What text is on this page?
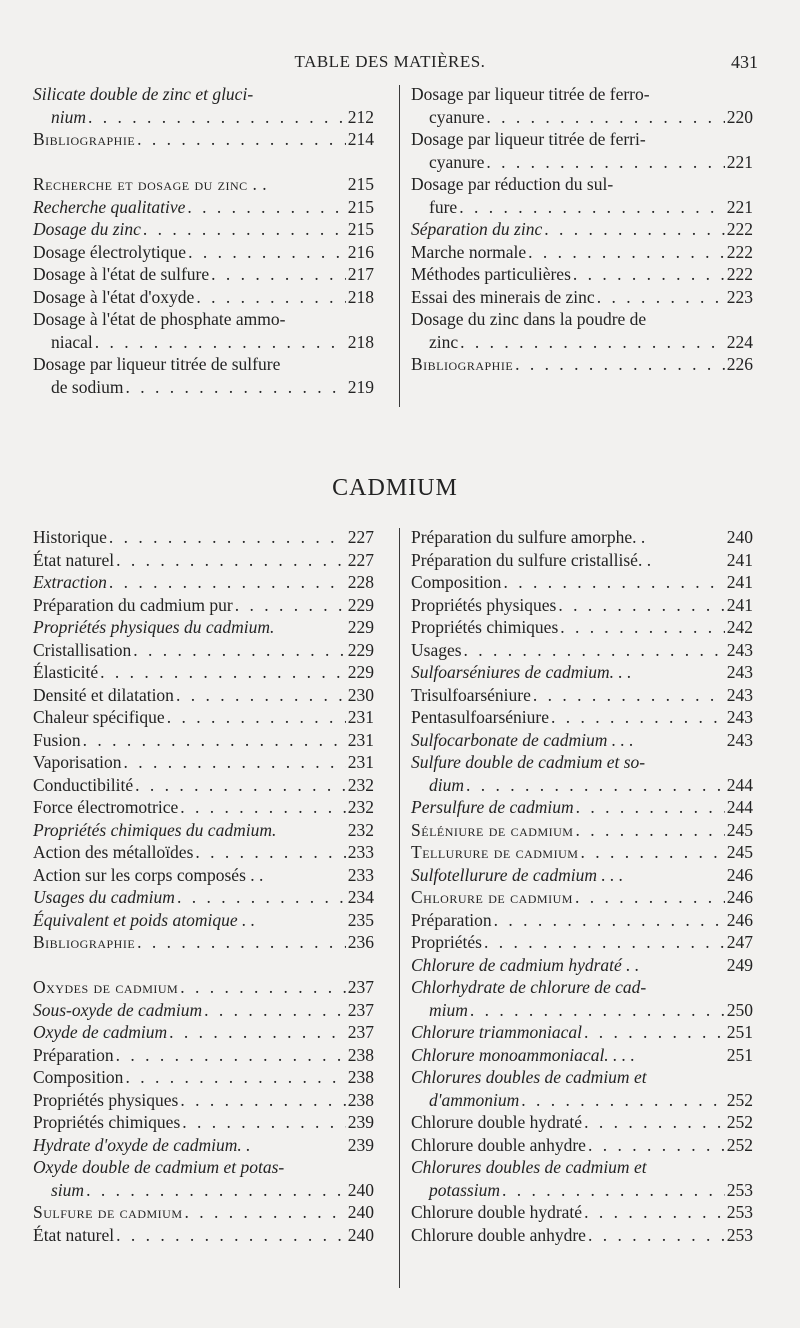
TABLE DES MATIÈRES.	431
CADMIUM
Silicate double de zinc et gluci-
nium . . .	212
Bibliographie . . .	214
Recherche et dosage du zinc . .	215
Recherche qualitative . . .	215
Dosage du zinc . . .	215
Dosage électrolytique . . .	216
Dosage à l'état de sulfure . . .	217
Dosage à l'état d'oxyde . . .	218
Dosage à l'état de phosphate ammo-
niacal . . .	218
Dosage par liqueur titrée de sulfure
de sodium . . .	219
Dosage par liqueur titrée de ferro-
cyanure . . .	220
Dosage par liqueur titrée de ferri-
cyanure . . .	221
Dosage par réduction du sul-
fure . . .	221
Séparation du zinc . . .	222
Marche normale . . .	222
Méthodes particulières . . .	222
Essai des minerais de zinc . . .	223
Dosage du zinc dans la poudre de
zinc . . .	224
Bibliographie . . .	226
Historique . . .	227
État naturel . . .	227
Extraction . . .	228
Préparation du cadmium pur . . .	229
Propriétés physiques du cadmium.	229
Cristallisation . . .	229
Élasticité . . .	229
Densité et dilatation . . .	230
Chaleur spécifique . . .	231
Fusion . . .	231
Vaporisation . . .	231
Conductibilité . . .	232
Force électromotrice . . .	232
Propriétés chimiques du cadmium.	232
Action des métalloïdes . . .	233
Action sur les corps composés . .	233
Usages du cadmium . . .	234
Équivalent et poids atomique . .	235
Bibliographie . . .	236
Oxydes de cadmium . . .	237
Sous-oxyde de cadmium . . .	237
Oxyde de cadmium . . .	237
Préparation . . .	238
Composition . . .	238
Propriétés physiques . . .	238
Propriétés chimiques . . .	239
Hydrate d'oxyde de cadmium. .	239
Oxyde double de cadmium et potas-
sium . . .	240
Sulfure de cadmium . . .	240
État naturel . . .	240
Préparation du sulfure amorphe. .	240
Préparation du sulfure cristallisé. .	241
Composition . . .	241
Propriétés physiques . . .	241
Propriétés chimiques . . .	242
Usages . . .	243
Sulfoarséniures de cadmium. . .	243
Trisulfoarséniure . . .	243
Pentasulfoarséniure . . .	243
Sulfocarbonate de cadmium . . .	243
Sulfure double de cadmium et so-
dium . . .	244
Persulfure de cadmium . . .	244
Séléniure de cadmium . . .	245
Tellurure de cadmium . . .	245
Sulfotellurure de cadmium . . .	246
Chlorure de cadmium . . .	246
Préparation . . .	246
Propriétés . . .	247
Chlorure de cadmium hydraté . .	249
Chlorhydrate de chlorure de cad-
mium . . .	250
Chlorure triammoniacal . . .	251
Chlorure monoammoniacal. . . .	251
Chlorures doubles de cadmium et
d'ammonium . . .	252
Chlorure double hydraté . . .	252
Chlorure double anhydre . . .	252
Chlorures doubles de cadmium et
potassium . . .	253
Chlorure double hydraté . . .	253
Chlorure double anhydre . . .	253
